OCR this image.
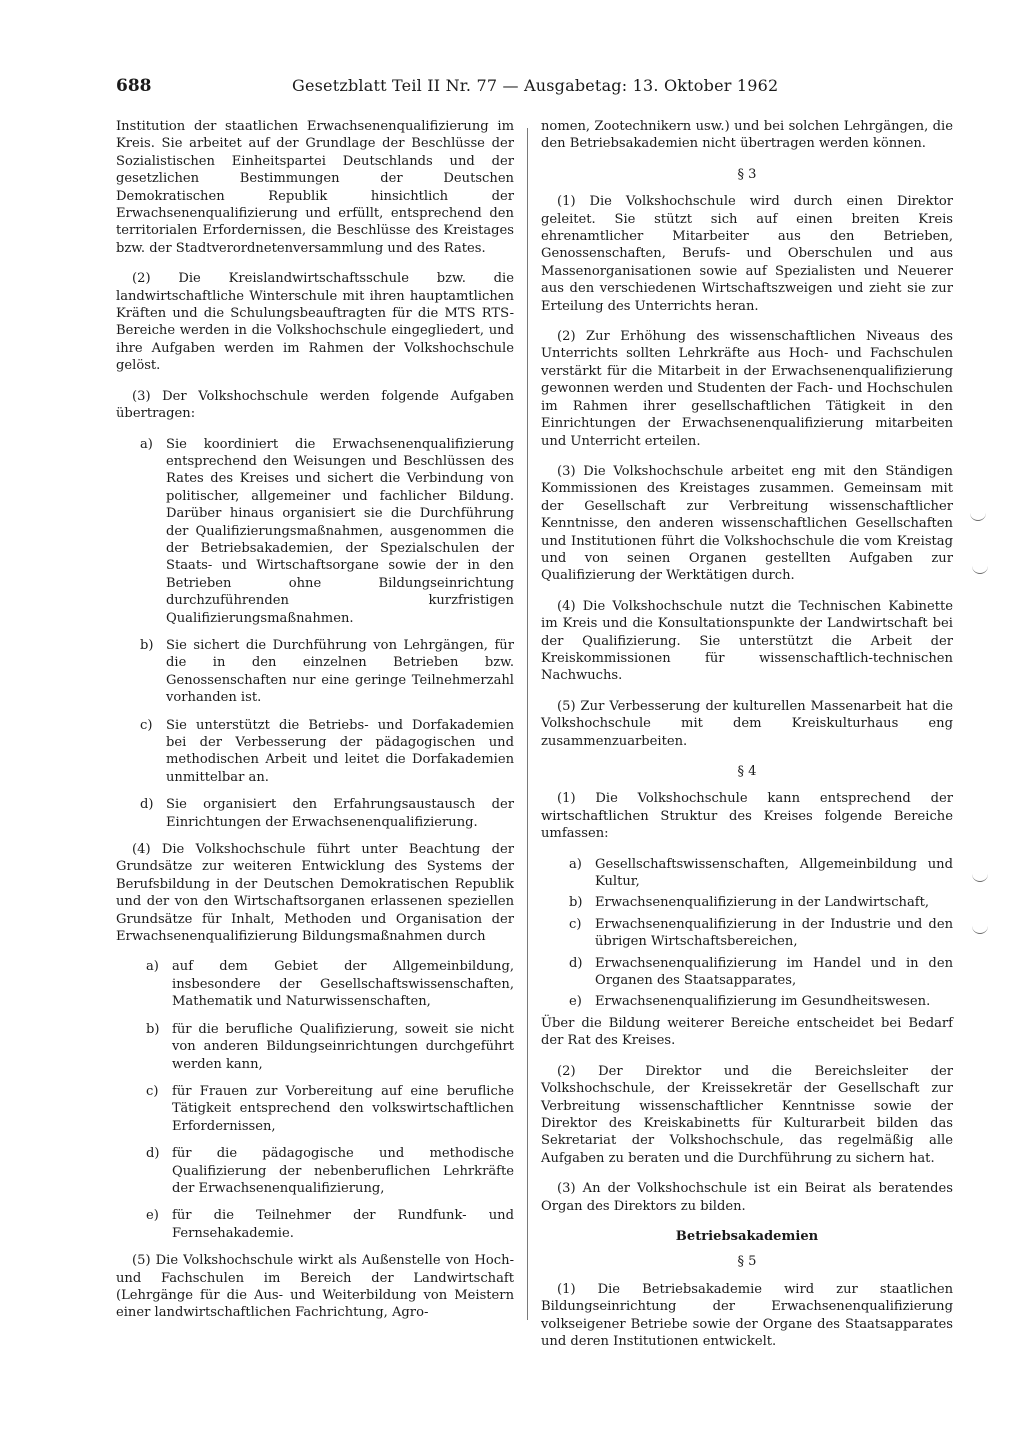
688	Gesetzblatt Teil II Nr. 77 — Ausgabetag: 13. Oktober 1962

Institution der staatlichen Erwachsenenqualifizierung im Kreis. Sie arbeitet auf der Grundlage der Beschlüsse der Sozialistischen Einheitspartei Deutschlands und der gesetzlichen Bestimmungen der Deutschen Demokratischen Republik hinsichtlich der Erwachsenenqualifizierung und erfüllt, entsprechend den territorialen Erfordernissen, die Beschlüsse des Kreistages bzw. der Stadtverordnetenversammlung und des Rates.

(2) Die Kreislandwirtschaftsschule bzw. die landwirtschaftliche Winterschule mit ihren hauptamtlichen Kräften und die Schulungsbeauftragten für die MTS RTS-Bereiche werden in die Volkshochschule eingegliedert, und ihre Aufgaben werden im Rahmen der Volkshochschule gelöst.

(3) Der Volkshochschule werden folgende Aufgaben übertragen:

a) Sie koordiniert die Erwachsenenqualifizierung entsprechend den Weisungen und Beschlüssen des Rates des Kreises und sichert die Verbindung von politischer, allgemeiner und fachlicher Bildung. Darüber hinaus organisiert sie die Durchführung der Qualifizierungsmaßnahmen, ausgenommen die der Betriebsakademien, der Spezialschulen der Staats- und Wirtschaftsorgane sowie der in den Betrieben ohne Bildungseinrichtung durchzuführenden kurzfristigen Qualifizierungsmaßnahmen.
b) Sie sichert die Durchführung von Lehrgängen, für die in den einzelnen Betrieben bzw. Genossenschaften nur eine geringe Teilnehmerzahl vorhanden ist.
c)	Sie unterstützt die Betriebs- und Dorfakademien bei der Verbesserung der pädagogischen und methodischen Arbeit und leitet die Dorfakademien unmittelbar an.
d) Sie organisiert den Erfahrungsaustausch der Einrichtungen der Erwachsenenqualifizierung.

(4) Die Volkshochschule führt unter Beachtung der Grundsätze zur weiteren Entwicklung des Systems der Berufsbildung in der Deutschen Demokratischen Republik und der von den Wirtschaftsorganen erlassenen speziellen Grundsätze für Inhalt, Methoden und Organisation der Erwachsenenqualifizierung Bildungsmaßnahmen durch

a) auf dem Gebiet der Allgemeinbildung, insbesondere der Gesellschaftswissenschaften, Mathematik und Naturwissenschaften,
b) für die berufliche Qualifizierung, soweit sie nicht von anderen Bildungseinrichtungen durchgeführt werden kann,
c)	für Frauen zur Vorbereitung auf eine berufliche Tätigkeit entsprechend den volkswirtschaftlichen Erfordernissen,
d) für die pädagogische und methodische Qualifizierung der nebenberuflichen Lehrkräfte der Erwachsenenqualifizierung,
e)	für die Teilnehmer der Rundfunk- und Fernsehakademie.

(5) Die Volkshochschule wirkt als Außenstelle von Hoch- und Fachschulen im Bereich der Landwirtschaft (Lehrgänge für die Aus- und Weiterbildung von Meistern einer landwirtschaftlichen Fachrichtung, Agro-

nomen, Zootechnikern usw.) und bei solchen Lehrgängen, die den Betriebsakademien nicht übertragen werden können.

§ 3

(1) Die Volkshochschule wird durch einen Direktor geleitet. Sie stützt sich auf einen breiten Kreis ehrenamtlicher Mitarbeiter aus den Betrieben, Genossenschaften, Berufs- und Oberschulen und aus Massenorganisationen sowie auf Spezialisten und Neuerer aus den verschiedenen Wirtschaftszweigen und zieht sie zur Erteilung des Unterrichts heran.

(2) Zur Erhöhung des wissenschaftlichen Niveaus des Unterrichts sollten Lehrkräfte aus Hoch- und Fachschulen verstärkt für die Mitarbeit in der Erwachsenenqualifizierung gewonnen werden und Studenten der Fach- und Hochschulen im Rahmen ihrer gesellschaftlichen Tätigkeit in den Einrichtungen der Erwachsenenqualifizierung mitarbeiten und Unterricht erteilen.

(3) Die Volkshochschule arbeitet eng mit den Ständigen Kommissionen des Kreistages zusammen. Gemeinsam mit der Gesellschaft zur Verbreitung wissenschaftlicher Kenntnisse, den anderen wissenschaftlichen Gesellschaften und Institutionen führt die Volkshochschule die vom Kreistag und von seinen Organen gestellten Aufgaben zur Qualifizierung der Werktätigen durch.

(4) Die Volkshochschule nutzt die Technischen Kabinette im Kreis und die Konsultationspunkte der Landwirtschaft bei der Qualifizierung. Sie unterstützt die Arbeit der Kreiskommissionen für wissenschaftlich-technischen Nachwuchs.

(5) Zur Verbesserung der kulturellen Massenarbeit hat die Volkshochschule mit dem Kreiskulturhaus eng zusammenzuarbeiten.

§ 4

(1) Die Volkshochschule kann entsprechend der wirtschaftlichen Struktur des Kreises folgende Bereiche umfassen:

a) Gesellschaftswissenschaften, Allgemeinbildung und Kultur,
b) Erwachsenenqualifizierung in der Landwirtschaft,
c)	Erwachsenenqualifizierung in der Industrie und den übrigen Wirtschaftsbereichen,
d) Erwachsenenqualifizierung im Handel und in den Organen des Staatsapparates,
e)	Erwachsenenqualifizierung im Gesundheitswesen.

Über die Bildung weiterer Bereiche entscheidet bei Bedarf der Rat des Kreises.

(2) Der Direktor und die Bereichsleiter der Volkshochschule, der Kreissekretär der Gesellschaft zur Verbreitung wissenschaftlicher Kenntnisse sowie der Direktor des Kreiskabinetts für Kulturarbeit bilden das Sekretariat der Volkshochschule, das regelmäßig alle Aufgaben zu beraten und die Durchführung zu sichern hat.

(3) An der Volkshochschule ist ein Beirat als beratendes Organ des Direktors zu bilden.

Betriebsakademien
§ 5

(1) Die Betriebsakademie wird zur staatlichen Bildungseinrichtung der Erwachsenenqualifizierung volkseigener Betriebe sowie der Organe des Staatsapparates und deren Institutionen entwickelt.
